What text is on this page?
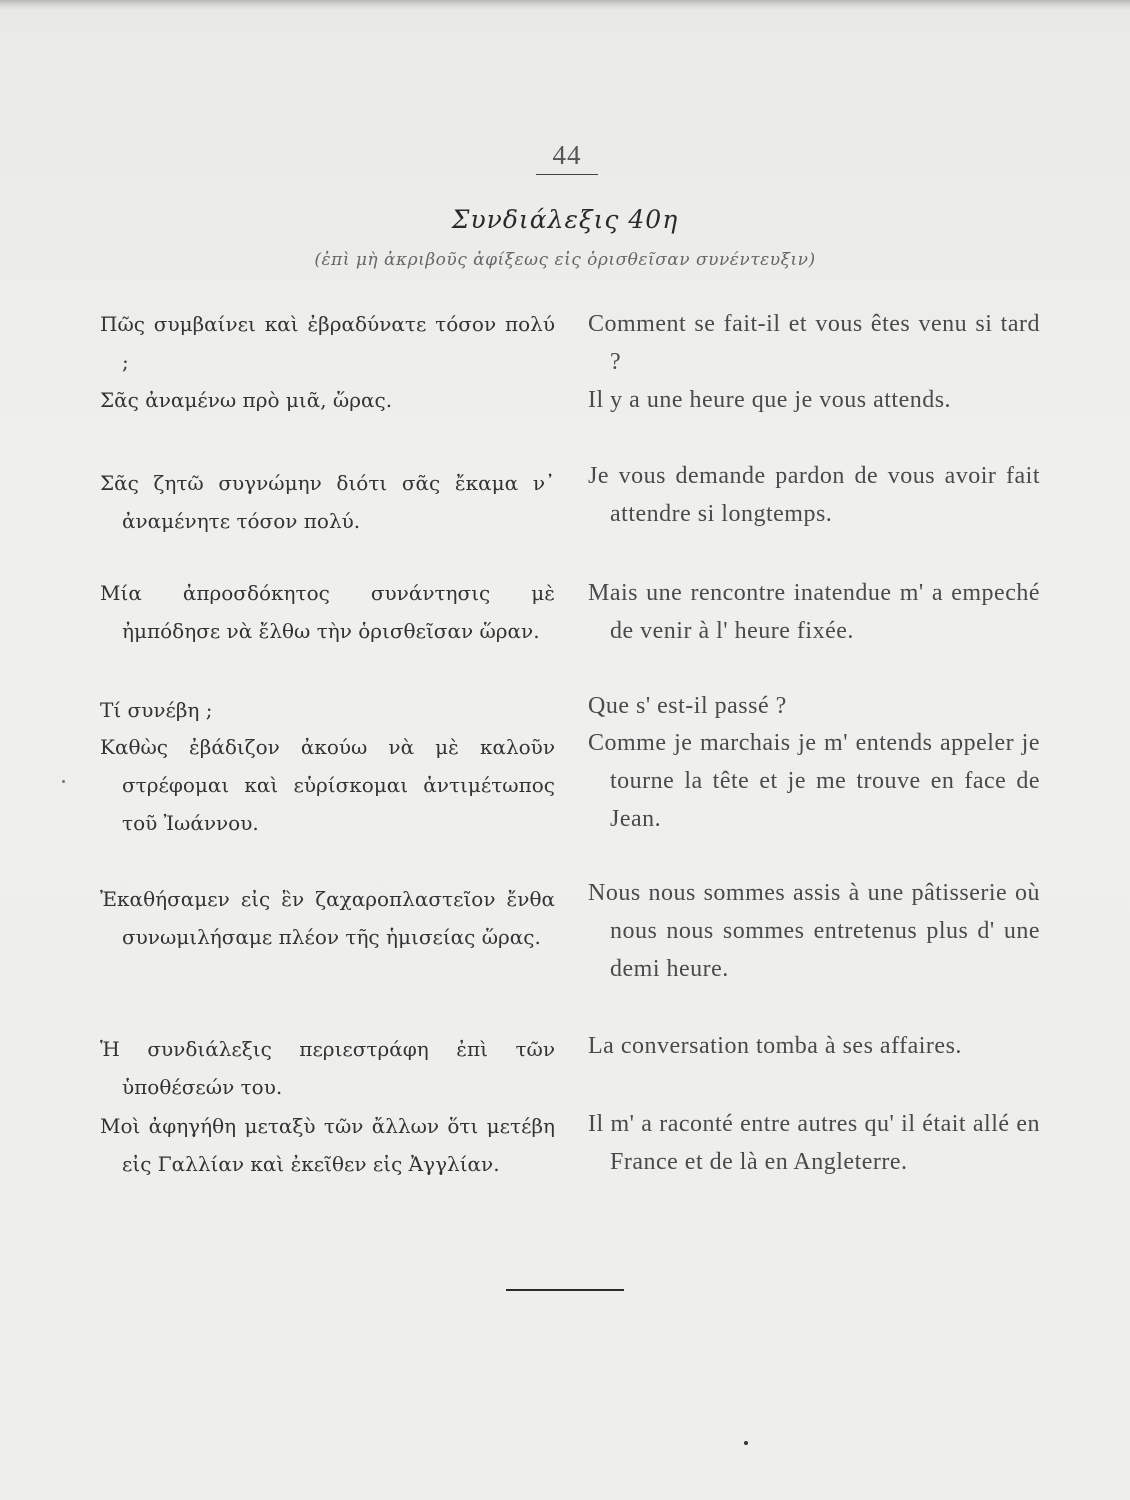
44
Συνδιάλεξις 40η
(ἐπὶ μὴ ἀκριβοῦς ἀφίξεως εἰς ὁρισθεῖσαν συνέντευξιν)
Πῶς συμβαίνει καὶ ἐβραδύνατε τόσον πολύ ;
Σᾶς ἀναμένω πρὸ μιᾶ, ὥρας.
Σᾶς ζητῶ συγνώμην διότι σᾶς ἔκαμα ν᾿ ἀναμένητε τόσον πολύ.
Μία ἀπροσδόκητος συνάντησις μὲ ἠμπόδησε νὰ ἔλθω τὴν ὁρισθεῖσαν ὥραν.
Τί συνέβη ;
Καθὼς ἐβάδιζον ἀκούω νὰ μὲ καλοῦν στρέφομαι καὶ εὑρίσκομαι ἀντιμέτωπος τοῦ Ἰωάννου.
Ἐκαθήσαμεν εἰς ἓν ζαχαροπλαστεῖον ἔνθα συνωμιλήσαμε πλέον τῆς ἡμισείας ὥρας.
Ἡ συνδιάλεξις περιεστράφη ἐπὶ τῶν ὑποθέσεών του.
Μοὶ ἀφηγήθη μεταξὺ τῶν ἄλλων ὅτι μετέβη εἰς Γαλλίαν καὶ ἐκεῖθεν εἰς Ἀγγλίαν.
Comment se fait-il et vous êtes venu si tard ?
Il y a une heure que je vous attends.
Je vous demande pardon de vous avoir fait attendre si longtemps.
Mais une rencontre inatendue m' a empeché de venir à l' heure fixée.
Que s' est-il passé ?
Comme je marchais je m' entends appeler je tourne la tête et je me trouve en face de Jean.
Nous nous sommes assis à une pâtisserie où nous nous sommes entretenus plus d' une demi heure.
La conversation tomba à ses affaires.
Il m' a raconté entre autres qu' il était allé en France et de là en Angleterre.
